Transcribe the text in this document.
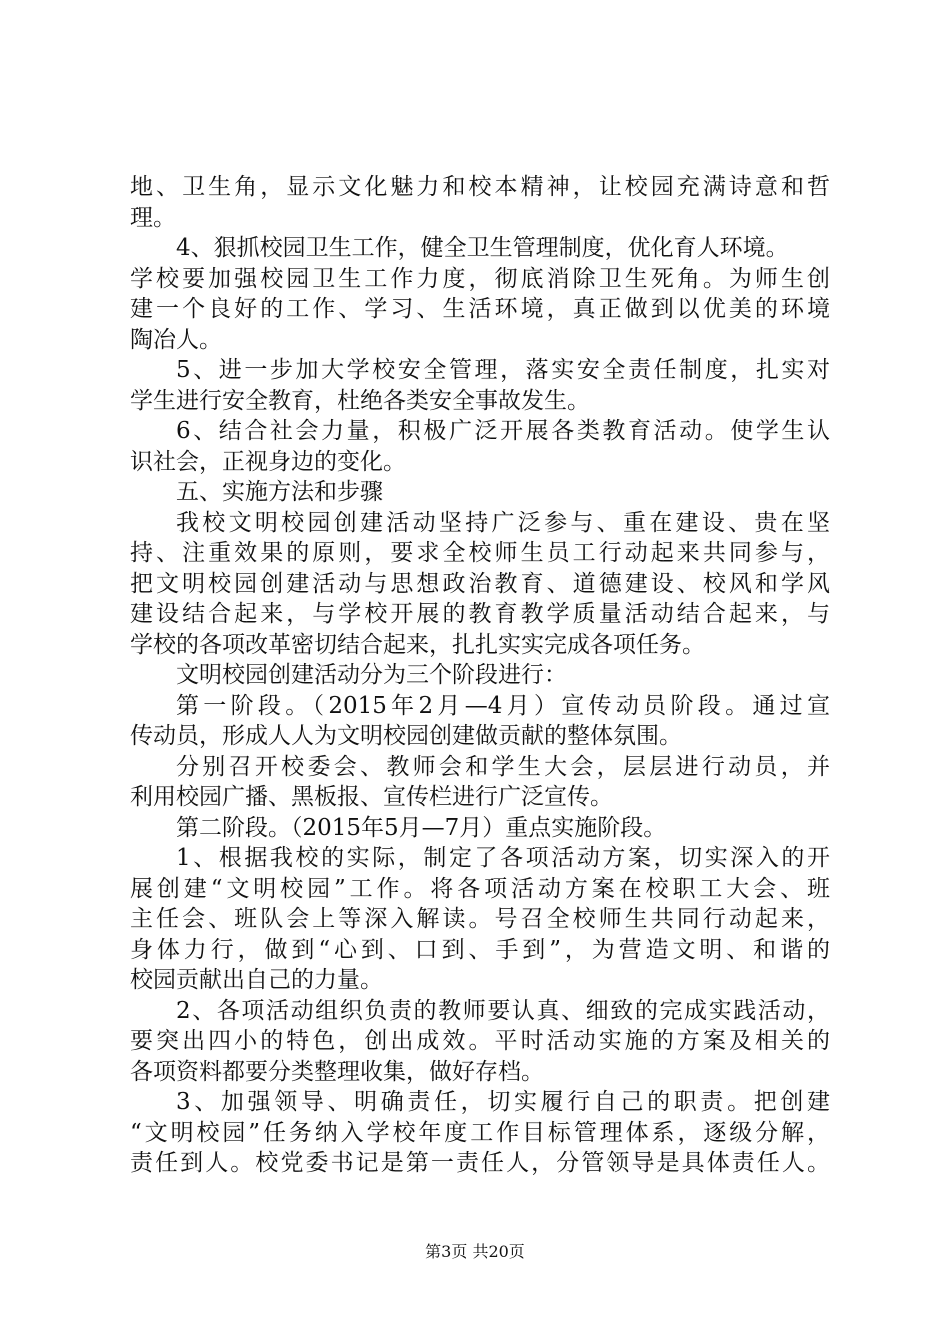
地、卫生角，显示文化魅力和校本精神，让校园充满诗意和哲
理。
4、狠抓校园卫生工作，健全卫生管理制度，优化育人环境。
学校要加强校园卫生工作力度，彻底消除卫生死角。为师生创
建一个良好的工作、学习、生活环境，真正做到以优美的环境
陶冶人。
5、进一步加大学校安全管理，落实安全责任制度，扎实对
学生进行安全教育，杜绝各类安全事故发生。
6、结合社会力量，积极广泛开展各类教育活动。使学生认
识社会，正视身边的变化。
五、实施方法和步骤
我校文明校园创建活动坚持广泛参与、重在建设、贵在坚
持、注重效果的原则，要求全校师生员工行动起来共同参与，
把文明校园创建活动与思想政治教育、道德建设、校风和学风
建设结合起来，与学校开展的教育教学质量活动结合起来，与
学校的各项改革密切结合起来，扎扎实实完成各项任务。
文明校园创建活动分为三个阶段进行：
第一阶段。（2015年2月—4月）宣传动员阶段。通过宣
传动员，形成人人为文明校园创建做贡献的整体氛围。
分别召开校委会、教师会和学生大会，层层进行动员，并
利用校园广播、黑板报、宣传栏进行广泛宣传。
第二阶段。（2015年5月—7月）重点实施阶段。
1、根据我校的实际，制定了各项活动方案，切实深入的开
展创建“文明校园”工作。将各项活动方案在校职工大会、班
主任会、班队会上等深入解读。号召全校师生共同行动起来，
身体力行，做到“心到、口到、手到”，为营造文明、和谐的
校园贡献出自己的力量。
2、各项活动组织负责的教师要认真、细致的完成实践活动，
要突出四小的特色，创出成效。平时活动实施的方案及相关的
各项资料都要分类整理收集，做好存档。
3、加强领导、明确责任，切实履行自己的职责。把创建
“文明校园”任务纳入学校年度工作目标管理体系，逐级分解，
责任到人。校党委书记是第一责任人，分管领导是具体责任人。
第3页 共20页
